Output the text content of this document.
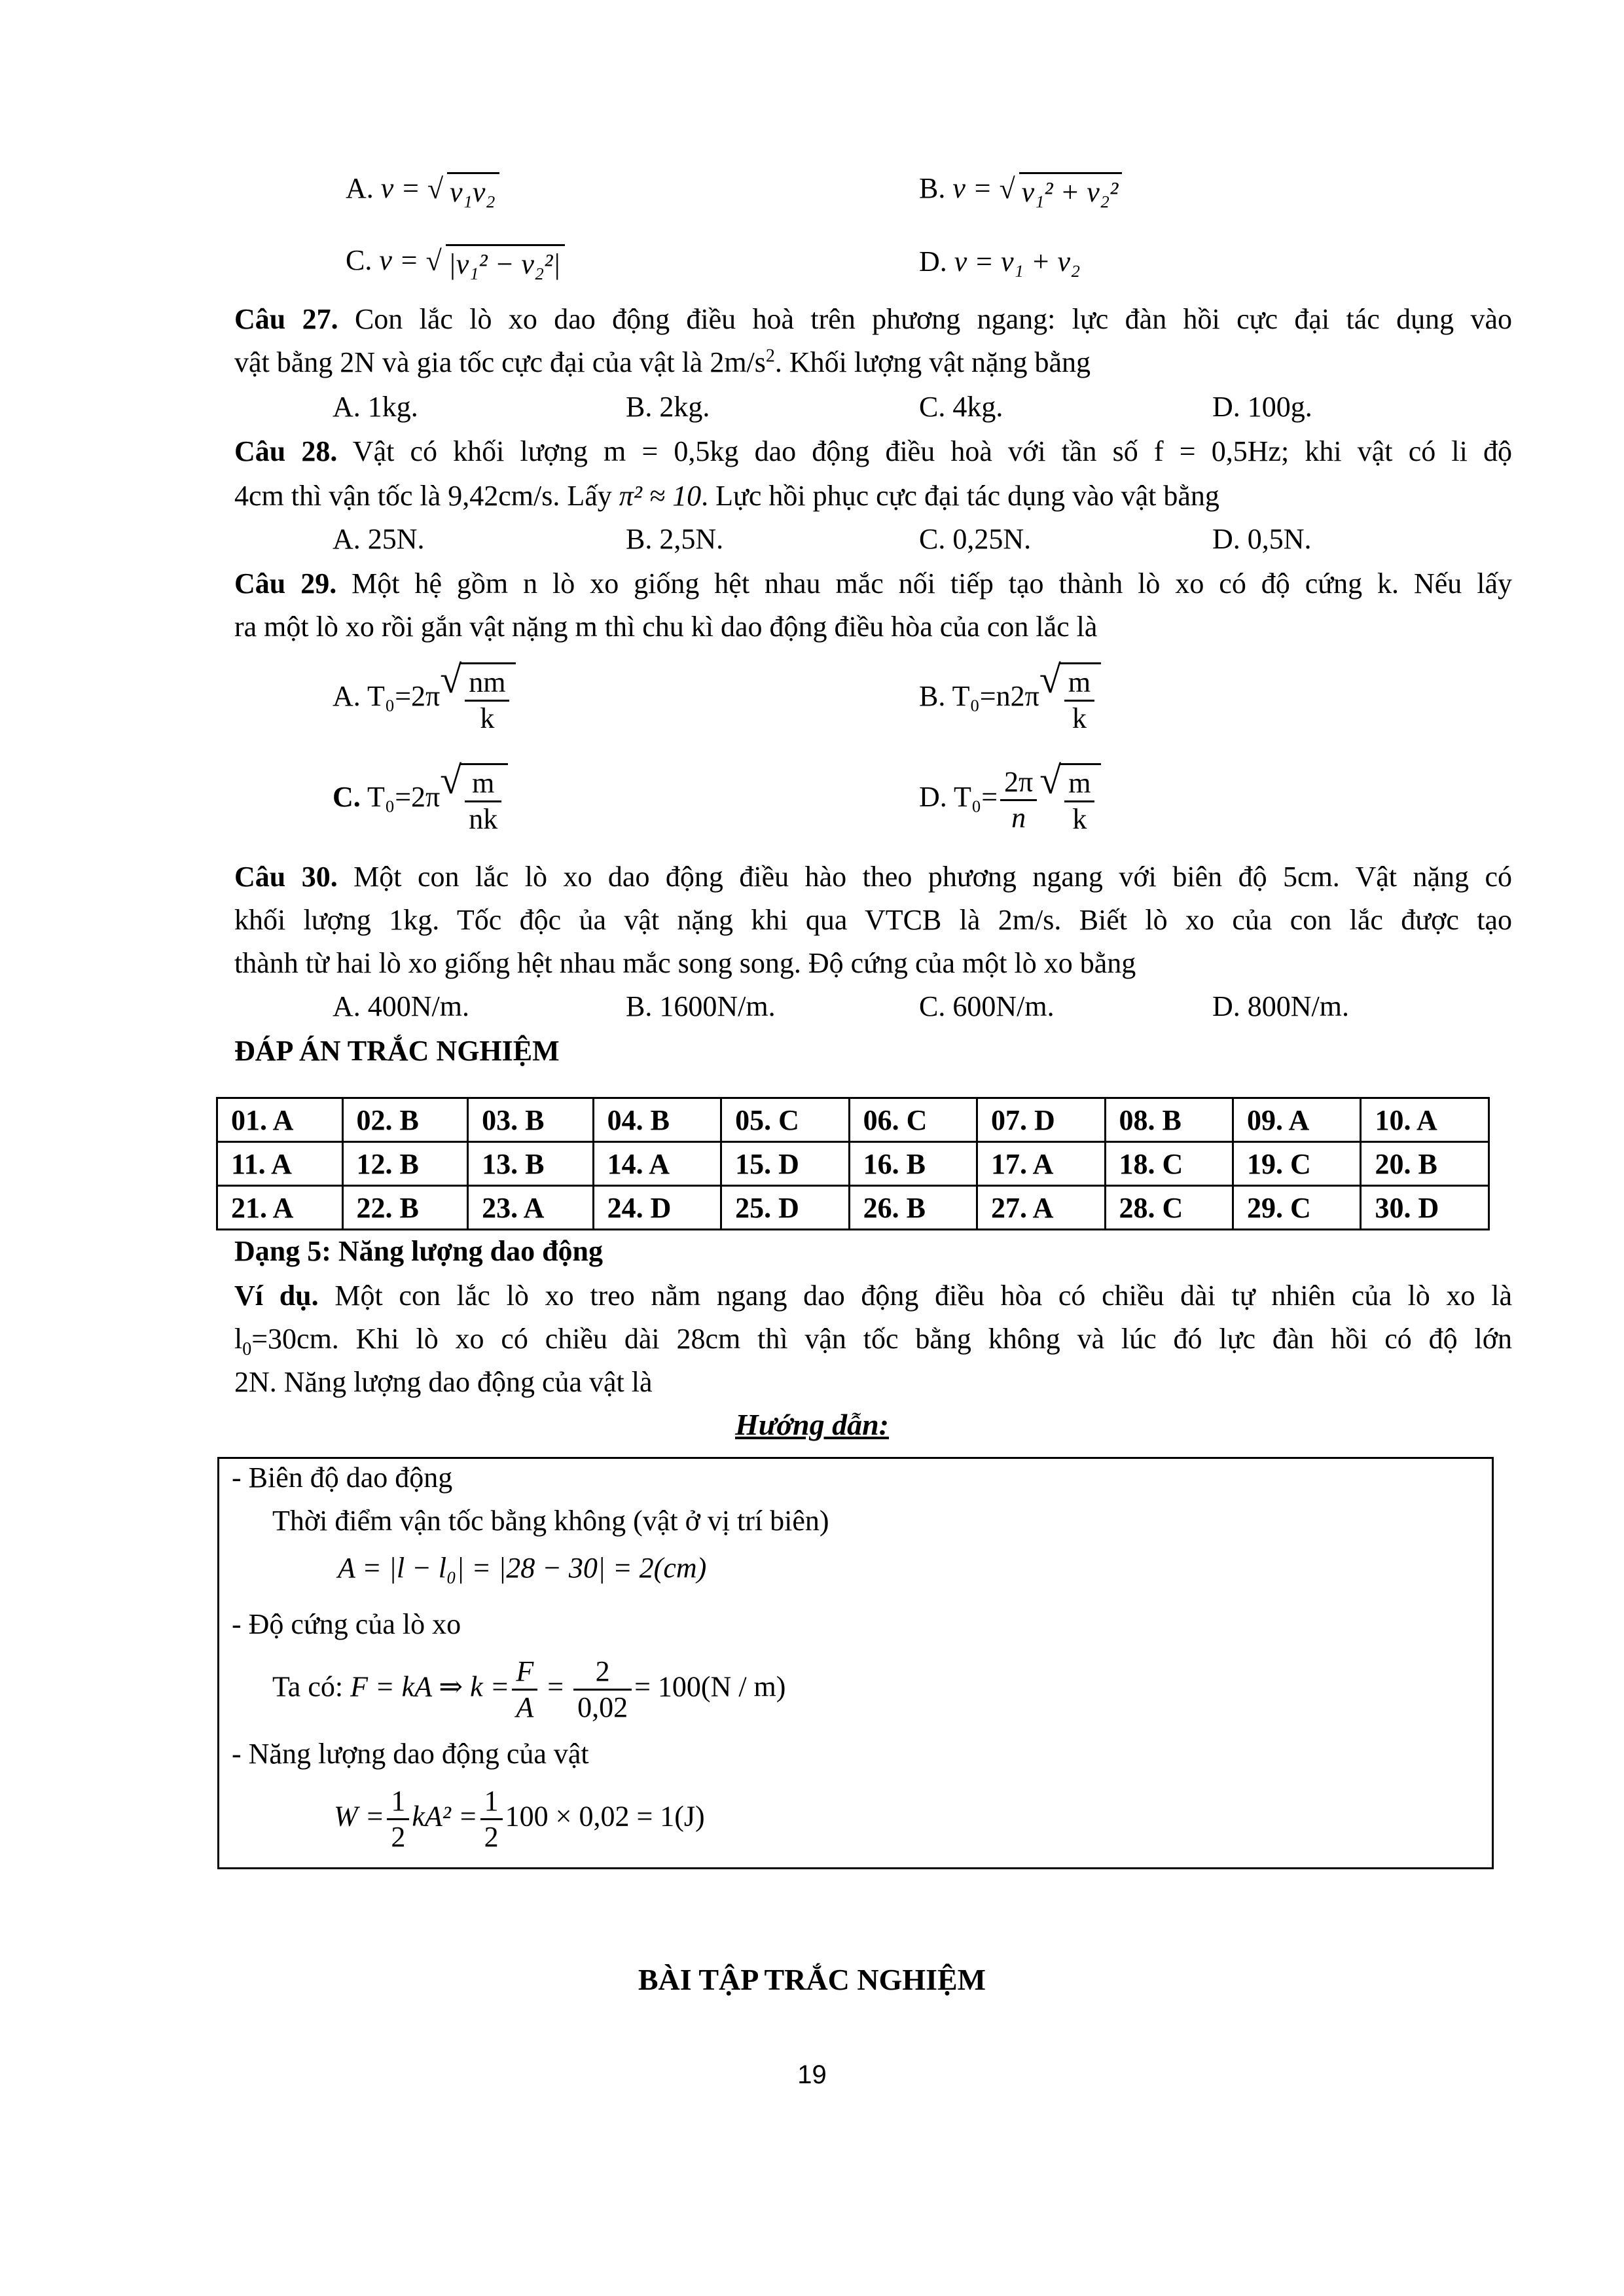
A. v = √ v₁v₂	B. v = √ v₁² + v₂²
C. v = √ |v₁² − v₂²|	D. v = v₁ + v₂
Câu 27. Con lắc lò xo dao động điều hoà trên phương ngang: lực đàn hồi cực đại tác dụng vào
vật bằng 2N và gia tốc cực đại của vật là $2m/s^2$. Khối lượng vật nặng bằng
A. 1kg.	B. 2kg.	C. 4kg.	D. 100g.
Câu 28. Vật có khối lượng m = 0,5kg dao động điều hoà với tần số f = 0,5Hz; khi vật có li độ
4cm thì vận tốc là 9,42cm/s. Lấy π² ≈ 10. Lực hồi phục cực đại tác dụng vào vật bằng
A. 25N.	B. 2,5N.	C. 0,25N.	D. 0,5N.
Câu 29. Một hệ gồm n lò xo giống hệt nhau mắc nối tiếp tạo thành lò xo có độ cứng k. Nếu lấy
ra một lò xo rồi gắn vật nặng m thì chu kì dao động điều hòa của con lắc là
A. T₀=2π √ $\frac{nm}{k}$	B. T₀=n2π √ $\frac{m}{k}$
C. T₀=2π √ $\frac{m}{nk}$	D. $T_0= \frac{2\pi}{n}$ √ $\frac{m}{k}$
Câu 30. Một con lắc lò xo dao động điều hào theo phương ngang với biên độ 5cm. Vật nặng có
khối lượng 1kg. Tốc độc ủa vật nặng khi qua VTCB là 2m/s. Biết lò xo của con lắc được tạo
thành từ hai lò xo giống hệt nhau mắc song song. Độ cứng của một lò xo bằng
A. 400N/m.	B. 1600N/m.	C. 600N/m.	D. 800N/m.
ĐÁP ÁN TRẮC NGHIỆM
01. A	02. B	03. B	04. B	05. C	06. C	07. D	08. B	09. A	10. A
11. A	12. B	13. B	14. A	15. D	16. B	17. A	18. C	19. C	20. B
21. A	22. B	23. A	24. D	25. D	26. B	27. A	28. C	29. C	30. D
Dạng 5: Năng lượng dao động
Ví dụ. Một con lắc lò xo treo nằm ngang dao động điều hòa có chiều dài tự nhiên của lò xo là
$l_0=30cm$. Khi lò xo có chiều dài 28cm thì vận tốc bằng không và lúc đó lực đàn hồi có độ lớn
2N. Năng lượng dao động của vật là
Hướng dẫn:
- Biên độ dao động
Thời điểm vận tốc bằng không (vật ở vị trí biên)
A = |l − l₀| = |28 − 30| = 2(cm)
- Độ cứng của lò xo
Ta có: F = kA ⇒ $k = \frac{F}{A} = \frac{2}{0,02} = 100(N / m)$
- Năng lượng dao động của vật
$W = \frac{1}{2} kA^2 = \frac{1}{2} 100 \times 0,02 = 1(J)$
BÀI TẬP TRẮC NGHIỆM
19
